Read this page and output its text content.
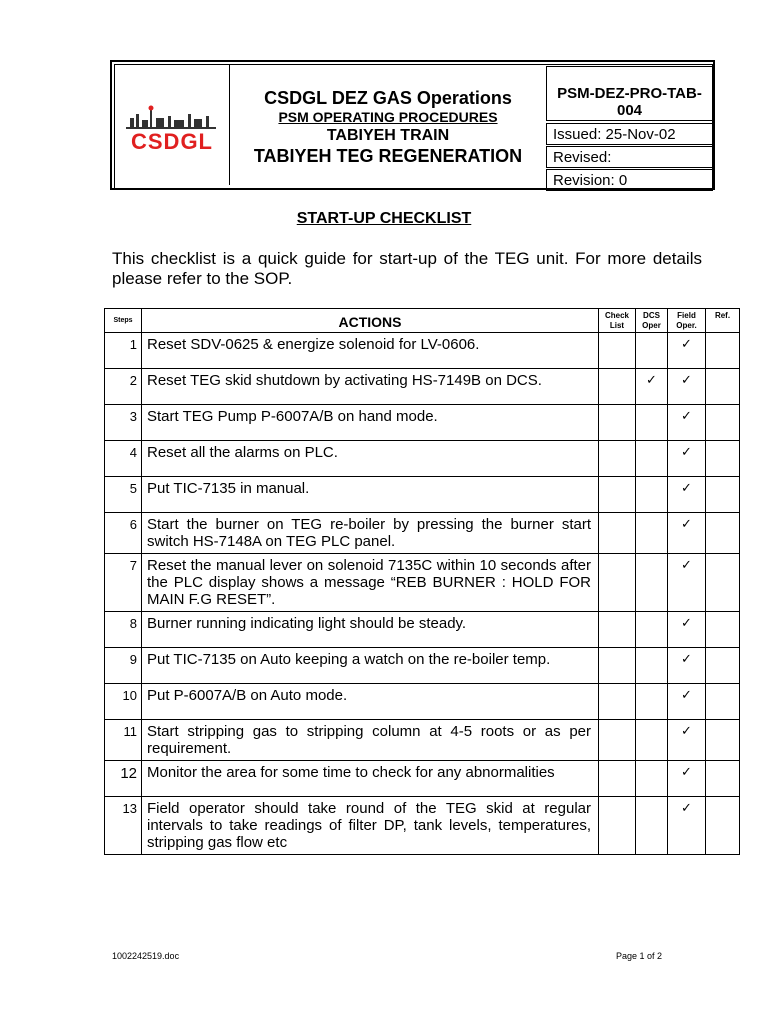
CSDGL
CSDGL DEZ GAS Operations
PSM OPERATING PROCEDURES
TABIYEH TRAIN
TABIYEH TEG REGENERATION
PSM-DEZ-PRO-TAB-004
Issued: 25-Nov-02
Revised:
Revision: 0
START-UP CHECKLIST
This checklist is a quick guide for start-up of the TEG unit. For more details please refer to the SOP.
Steps	ACTIONS	Check List	DCS Oper	Field Oper.	Ref.
1	Reset SDV-0625 & energize solenoid for LV-0606.			✓	
2	Reset TEG skid shutdown by activating HS-7149B on DCS.		✓	✓	
3	Start TEG Pump P-6007A/B on hand mode.			✓	
4	Reset all the alarms on PLC.			✓	
5	Put TIC-7135 in manual.			✓	
6	Start the burner on TEG re-boiler by pressing the burner start switch HS-7148A on TEG PLC panel.			✓	
7	Reset the manual lever on solenoid 7135C within 10 seconds after the PLC display shows a message “REB BURNER : HOLD FOR MAIN F.G RESET”.			✓	
8	Burner running indicating light should be steady.			✓	
9	Put TIC-7135 on Auto keeping a watch on the re-boiler temp.			✓	
10	Put P-6007A/B on Auto mode.			✓	
11	Start stripping gas to stripping column at 4-5 roots or as per requirement.			✓	
12	Monitor the area for some time to check for any abnormalities			✓	
13	Field operator should take round of the TEG skid at regular intervals to take readings of filter DP, tank levels, temperatures, stripping gas flow etc			✓	
1002242519.doc	Page 1 of 2
